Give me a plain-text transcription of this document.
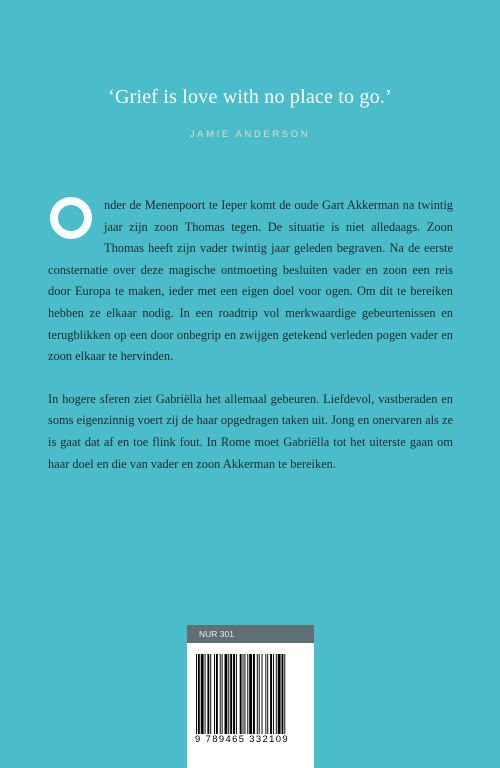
‘Grief is love with no place to go.’
JAMIE ANDERSON

nder de Menenpoort te Ieper komt de oude Gart Akkerman na twintig jaar zijn zoon Thomas tegen. De situatie is niet alledaags. Zoon Thomas heeft zijn vader twintig jaar geleden begraven. Na de eerste consternatie over deze magische ontmoeting besluiten vader en zoon een reis door Europa te maken, ieder met een eigen doel voor ogen. Om dit te bereiken hebben ze elkaar nodig. In een roadtrip vol merkwaardige gebeurtenissen en terugblikken op een door onbegrip en zwijgen getekend verleden pogen vader en zoon elkaar te hervinden.

In hogere sferen ziet Gabriëlla het allemaal gebeuren. Liefdevol, vastberaden en soms eigenzinnig voert zij de haar opgedragen taken uit. Jong en onervaren als ze is gaat dat af en toe flink fout. In Rome moet Gabriëlla tot het uiterste gaan om haar doel en die van vader en zoon Akkerman te bereiken.

NUR 301
9 789465 332109
